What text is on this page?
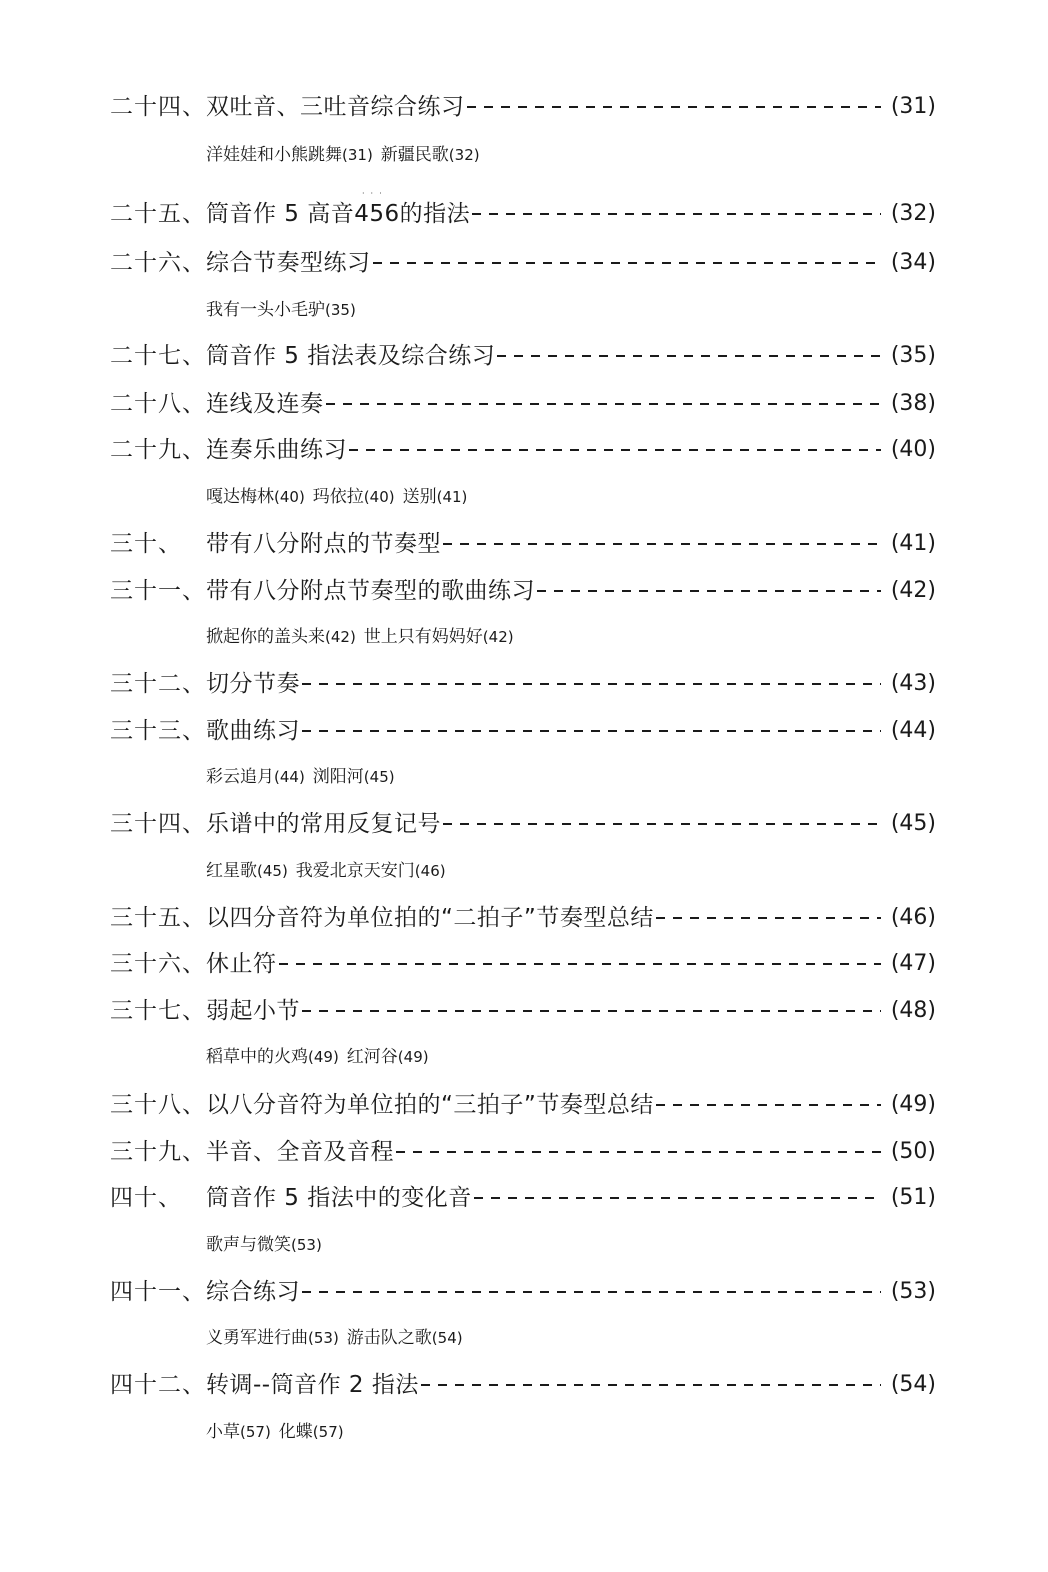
二十四、 双吐音、三吐音综合练习	(31)
洋娃娃和小熊跳舞(31) 新疆民歌(32)
···
二十五、 筒音作 5 高音456的指法	(32)
二十六、 综合节奏型练习	(34)
我有一头小毛驴(35)
二十七、 筒音作 5 指法表及综合练习	(35)
二十八、 连线及连奏	(38)
二十九、 连奏乐曲练习	(40)
嘎达梅林(40) 玛依拉(40) 送别(41)
三十、 带有八分附点的节奏型	(41)
三十一、 带有八分附点节奏型的歌曲练习	(42)
掀起你的盖头来(42) 世上只有妈妈好(42)
三十二、 切分节奏	(43)
三十三、 歌曲练习	(44)
彩云追月(44) 浏阳河(45)
三十四、 乐谱中的常用反复记号	(45)
红星歌(45) 我爱北京天安门(46)
三十五、 以四分音符为单位拍的“二拍子”节奏型总结	(46)
三十六、 休止符	(47)
三十七、 弱起小节	(48)
稻草中的火鸡(49) 红河谷(49)
三十八、 以八分音符为单位拍的“三拍子”节奏型总结	(49)
三十九、 半音、全音及音程	(50)
四十、 筒音作 5 指法中的变化音	(51)
歌声与微笑(53)
四十一、 综合练习	(53)
义勇军进行曲(53) 游击队之歌(54)
四十二、 转调--筒音作 2 指法	(54)
小草(57) 化蝶(57)
